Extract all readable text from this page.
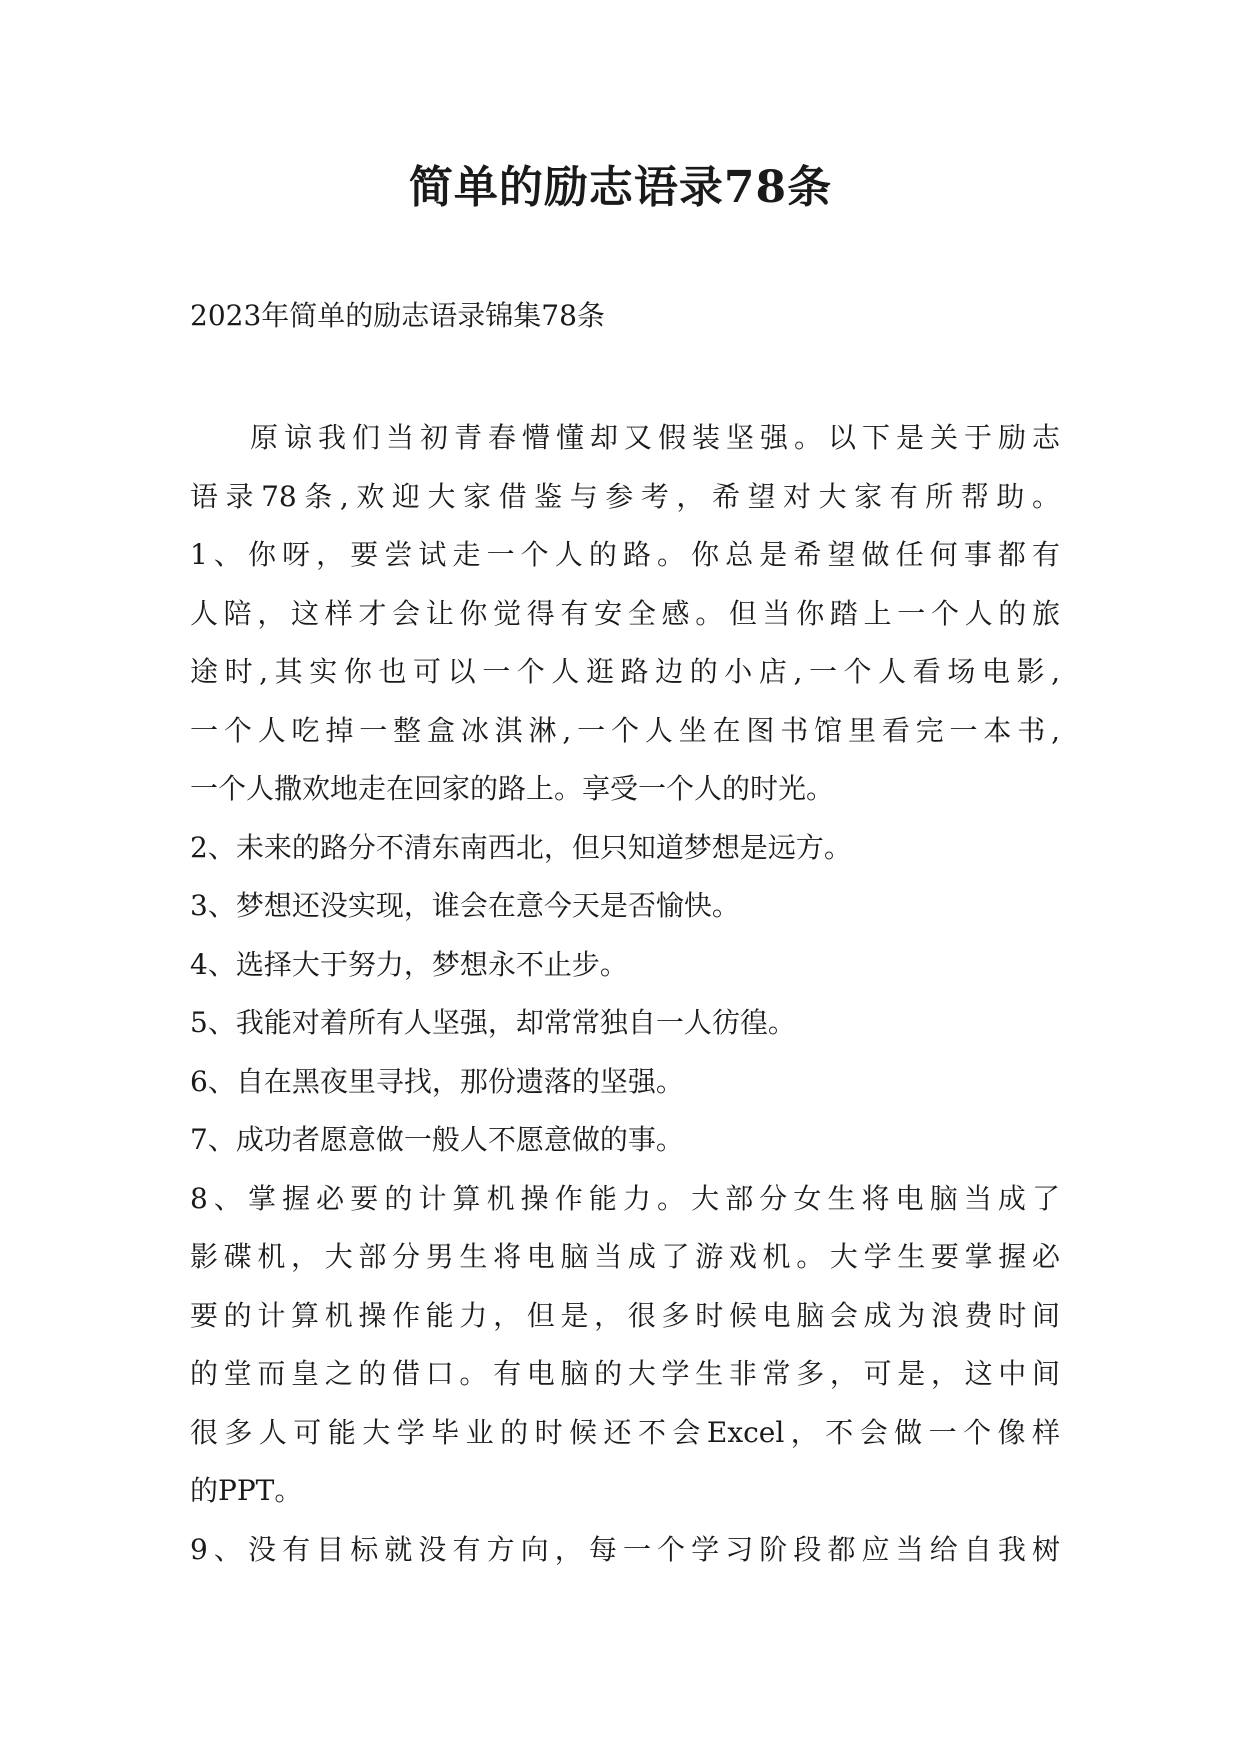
简单的励志语录78条

2023年简单的励志语录锦集78条

原谅我们当初青春懵懂却又假装坚强。以下是关于励志
语录78条,欢迎大家借鉴与参考，希望对大家有所帮助。
1、你呀，要尝试走一个人的路。你总是希望做任何事都有
人陪，这样才会让你觉得有安全感。但当你踏上一个人的旅
途时,其实你也可以一个人逛路边的小店,一个人看场电影,
一个人吃掉一整盒冰淇淋,一个人坐在图书馆里看完一本书,
一个人撒欢地走在回家的路上。享受一个人的时光。
2、未来的路分不清东南西北，但只知道梦想是远方。
3、梦想还没实现，谁会在意今天是否愉快。
4、选择大于努力，梦想永不止步。
5、我能对着所有人坚强，却常常独自一人彷徨。
6、自在黑夜里寻找，那份遗落的坚强。
7、成功者愿意做一般人不愿意做的事。
8、掌握必要的计算机操作能力。大部分女生将电脑当成了
影碟机，大部分男生将电脑当成了游戏机。大学生要掌握必
要的计算机操作能力，但是，很多时候电脑会成为浪费时间
的堂而皇之的借口。有电脑的大学生非常多，可是，这中间
很多人可能大学毕业的时候还不会Excel，不会做一个像样
的PPT。
9、没有目标就没有方向，每一个学习阶段都应当给自我树
